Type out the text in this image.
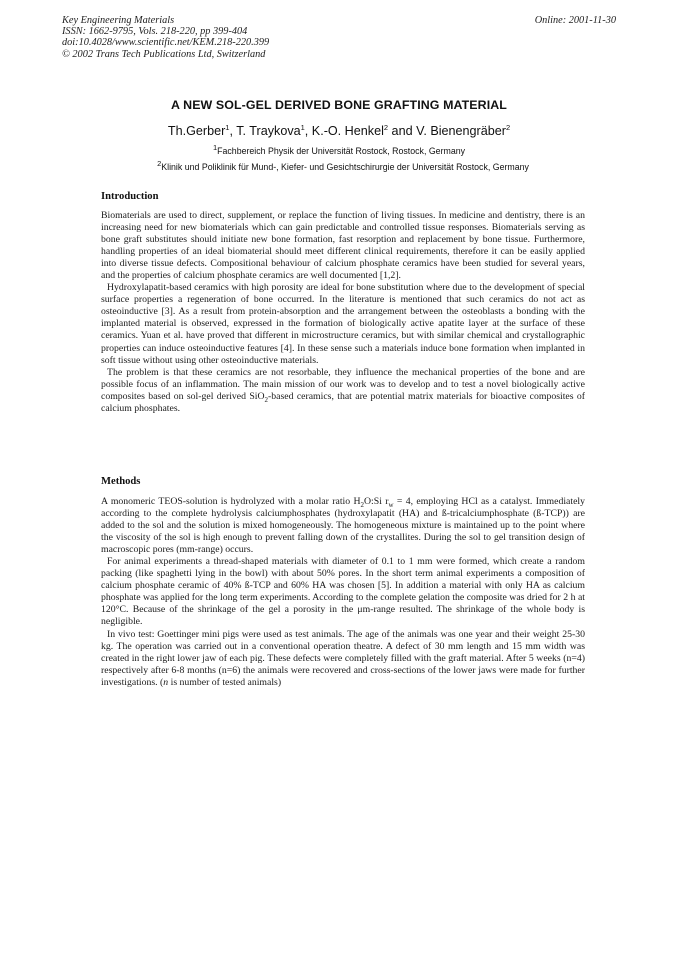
Key Engineering Materials
ISSN: 1662-9795, Vols. 218-220, pp 399-404
doi:10.4028/www.scientific.net/KEM.218-220.399
© 2002 Trans Tech Publications Ltd, Switzerland
Online: 2001-11-30
A NEW SOL-GEL DERIVED BONE GRAFTING MATERIAL
Th.Gerber$^1$, T. Traykova$^1$, K.-O. Henkel$^2$ and V. Bienengräber$^2$
$^1$Fachbereich Physik der Universität Rostock, Rostock, Germany
$^2$Klinik und Poliklinik für Mund-, Kiefer- und Gesichtschirurgie der Universität Rostock, Germany
Introduction

Biomaterials are used to direct, supplement, or replace the function of living tissues. In medicine and dentistry, there is an increasing need for new biomaterials which can gain predictable and controlled tissue responses. Biomaterials serving as bone graft substitutes should initiate new bone formation, fast resorption and replacement by bone tissue. Furthermore, handling properties of an ideal biomaterial should meet different clinical requirements, therefore it can be easily applied into diverse tissue defects. Compositional behaviour of calcium phosphate ceramics have been studied for several years, and the properties of calcium phosphate ceramics are well documented [1,2].

Hydroxylapatit-based ceramics with high porosity are ideal for bone substitution where due to the development of special surface properties a regeneration of bone occurred. In the literature is mentioned that such ceramics do not act as osteoinductive [3]. As a result from protein-absorption and the arrangement between the osteoblasts a bonding with the implanted material is observed, expressed in the formation of biologically active apatite layer at the surface of these ceramics. Yuan et al. have proved that different in microstructure ceramics, but with similar chemical and crystallographic properties can induce osteoinductive features [4]. In these sense such a materials induce bone formation when implanted in soft tissue without using other osteoinductive materials.

The problem is that these ceramics are not resorbable, they influence the mechanical properties of the bone and are possible focus of an inflammation. The main mission of our work was to develop and to test a novel biologically active composites based on sol-gel derived SiO$_2$-based ceramics, that are potential matrix materials for bioactive composites of calcium phosphates.

Methods

A monomeric TEOS-solution is hydrolyzed with a molar ratio $H_2O:Si$ $r_w = 4$, employing HCl as a catalyst. Immediately according to the complete hydrolysis calciumphosphates (hydroxylapatit (HA) and ß-tricalciumphosphate (ß-TCP)) are added to the sol and the solution is mixed homogeneously. The homogeneous mixture is maintained up to the point where the viscosity of the sol is high enough to prevent falling down of the crystallites. During the sol to gel transition design of macroscopic pores (mm-range) occurs.

For animal experiments a thread-shaped materials with diameter of 0.1 to 1 mm were formed, which create a random packing (like spaghetti lying in the bowl) with about 50% pores. In the short term animal experiments a composition of calcium phosphate ceramic of 40% ß-TCP and 60% HA was chosen [5]. In addition a material with only HA as calcium phosphate was applied for the long term experiments. According to the complete gelation the composite was dried for 2 h at 120°C. Because of the shrinkage of the gel a porosity in the μm-range resulted. The shrinkage of the whole body is negligible.

In vivo test: Goettinger mini pigs were used as test animals. The age of the animals was one year and their weight 25-30 kg. The operation was carried out in a conventional operation theatre. A defect of 30 mm length and 15 mm width was created in the right lower jaw of each pig. These defects were completely filled with the graft material. After 5 weeks (n=4) respectively after 6-8 months (n=6) the animals were recovered and cross-sections of the lower jaws were made for further investigations. (n is number of tested animals)
